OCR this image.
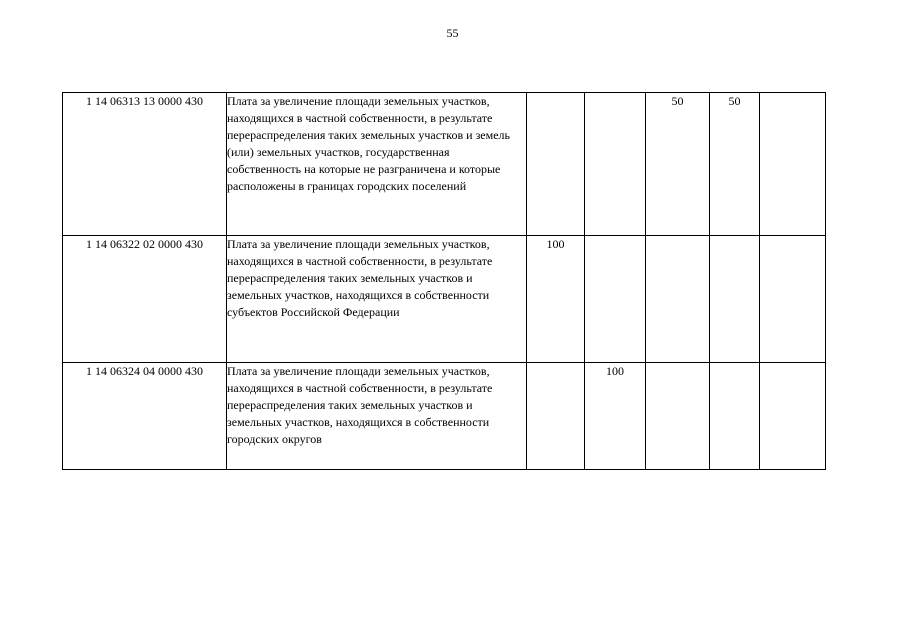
55
1 14 06313 13 0000 430	Плата за увеличение площади земельных участков, находящихся в частной собственности, в результате перераспределения таких земельных участков и земель (или) земельных участков, государственная собственность на которые не разграничена и которые расположены в границах городских поселений			50	50	
1 14 06322 02 0000 430	Плата за увеличение площади земельных участков, находящихся в частной собственности, в результате перераспределения таких земельных участков и земельных участков, находящихся в собственности субъектов Российской Федерации	100				
1 14 06324 04 0000 430	Плата за увеличение площади земельных участков, находящихся в частной собственности, в результате перераспределения таких земельных участков и земельных участков, находящихся в собственности городских округов		100			
